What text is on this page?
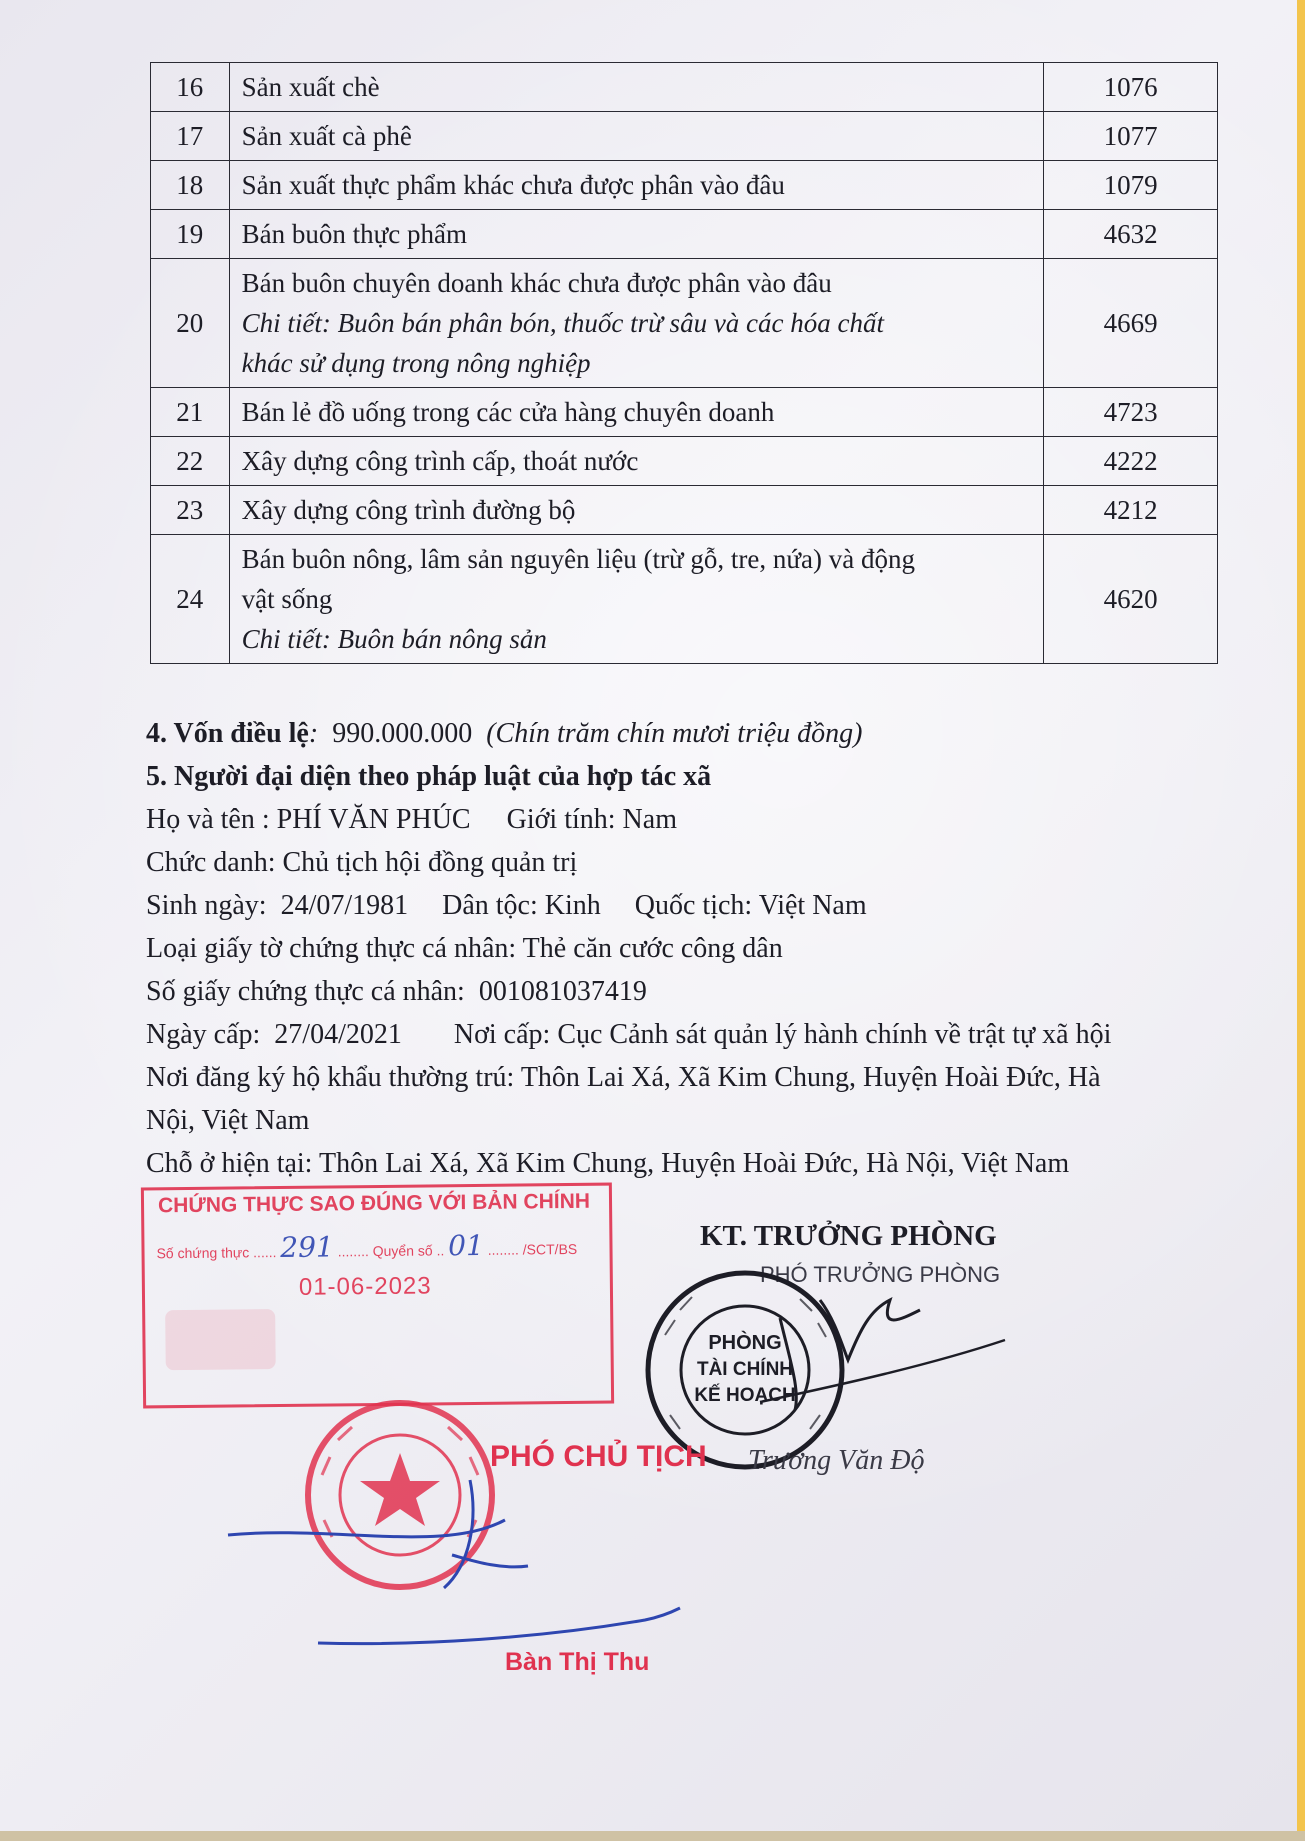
16	Sản xuất chè	1076
17	Sản xuất cà phê	1077
18	Sản xuất thực phẩm khác chưa được phân vào đâu	1079
19	Bán buôn thực phẩm	4632
20	Bán buôn chuyên doanh khác chưa được phân vào đâu
Chi tiết: Buôn bán phân bón, thuốc trừ sâu và các hóa chất
khác sử dụng trong nông nghiệp	4669
21	Bán lẻ đồ uống trong các cửa hàng chuyên doanh	4723
22	Xây dựng công trình cấp, thoát nước	4222
23	Xây dựng công trình đường bộ	4212
24	Bán buôn nông, lâm sản nguyên liệu (trừ gỗ, tre, nứa) và động
vật sống
Chi tiết: Buôn bán nông sản	4620
4. Vốn điều lệ: 990.000.000 (Chín trăm chín mươi triệu đồng)
5. Người đại diện theo pháp luật của hợp tác xã
Họ và tên : PHÍ VĂN PHÚC Giới tính: Nam
Chức danh: Chủ tịch hội đồng quản trị
Sinh ngày: 24/07/1981 Dân tộc: Kinh Quốc tịch: Việt Nam
Loại giấy tờ chứng thực cá nhân: Thẻ căn cước công dân
Số giấy chứng thực cá nhân: 001081037419
Ngày cấp: 27/04/2021 Nơi cấp: Cục Cảnh sát quản lý hành chính về trật tự xã hội
Nơi đăng ký hộ khẩu thường trú: Thôn Lai Xá, Xã Kim Chung, Huyện Hoài Đức, Hà
Nội, Việt Nam
Chỗ ở hiện tại: Thôn Lai Xá, Xã Kim Chung, Huyện Hoài Đức, Hà Nội, Việt Nam
CHỨNG THỰC SAO ĐÚNG VỚI BẢN CHÍNH
Số chứng thực ...... 291 ........ Quyển số .. 01 ........ /SCT/BS
01-06-2023
KT. TRƯỞNG PHÒNG
PHÓ TRƯỞNG PHÒNG
PHÒNG
TÀI CHÍNH
KẾ HOẠCH
Trương Văn Độ
PHÓ CHỦ TỊCH
Bàn Thị Thu
